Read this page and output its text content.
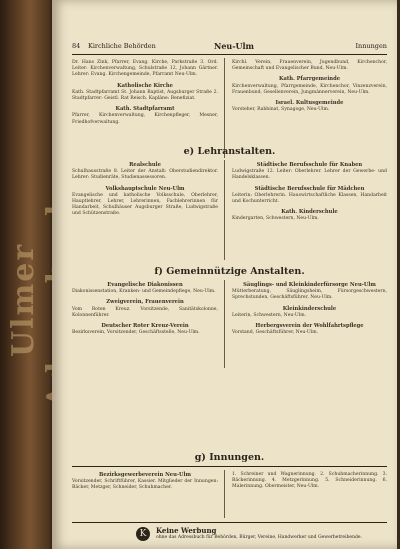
Ulmer
84 Kirchliche Behörden	Neu-Ulm	Innungen

Dr. Hans Zink, Pfarrer, Evang. Kirche, Parkstraße 3. Ord. Leiter: Kirchenverwaltung, Schulstraße 12, Johann Gärtner. Lehrer: Evang. Kirchengemeinde, Pfarramt Neu-Ulm.

Katholische Kirche

Kath. Stadtpfarramt St. Johann Baptist, Augsburger Straße 2. Stadtpfarrer: Geistl. Rat Reisch. Kapläne: Benefiziat.

Kath. Stadtpfarramt

Pfarrer, Kirchenverwaltung, Kirchenpfleger, Mesner, Friedhofverwaltung.

Kirchl. Verein, Frauenverein, Jugendbund, Kirchenchor, Gemeinschaft und Evangelischer Bund, Neu-Ulm.

Kath. Pfarrgemeinde

Kirchenverwaltung, Pfarrgemeinde, Kirchenchor, Vinzenzverein, Frauenbund, Gesellenverein, Jungmännerverein, Neu-Ulm.

Israel. Kultusgemeinde

Vorsteher, Rabbinat, Synagoge, Neu-Ulm.

e) Lehranstalten.
Realschule

Schulhausstraße 8. Leiter der Anstalt: Oberstudiendirektor. Lehrer: Studienräte, Studienassessoren.

Volkshauptschule Neu-Ulm

Evangelische und katholische Volksschule, Oberlehrer, Hauptlehrer, Lehrer, Lehrerinnen, Fachlehrerinnen für Handarbeit, Schulhäuser Augsburger Straße, Ludwigstraße und Schützenstraße.

Städtische Berufsschule für Knaben

Ludwigstraße 12. Leiter: Oberlehrer. Lehrer der Gewerbe- und Handelsklassen.

Städtische Berufsschule für Mädchen

Leiterin: Oberlehrerin. Hauswirtschaftliche Klassen, Handarbeit und Kochunterricht.

Kath. Kinderschule

Kindergarten, Schwestern, Neu-Ulm.

f) Gemeinnützige Anstalten.
Evangelische Diakonissen

Diakonissenstation, Kranken- und Gemeindepflege, Neu-Ulm.

Zweigverein, Frauenverein

Vom Roten Kreuz. Vorsitzende, Sanitätskolonne, Kolonnenführer.

Deutscher Roter Kreuz-Verein

Bezirksverein, Vorsitzender, Geschäftsstelle, Neu-Ulm.

Säuglings- und Kleinkinderfürsorge Neu-Ulm

Mütterberatung, Säuglingsheim, Fürsorgeschwestern, Sprechstunden, Geschäftsführer, Neu-Ulm.

Kleinkinderschule

Leiterin, Schwestern, Neu-Ulm.

Herbergsverein der Wohlfahrtspflege

Vorstand, Geschäftsführer, Neu-Ulm.

g) Innungen.
Bezirksgewerbeverein Neu-Ulm

Vorsitzender, Schriftführer, Kassier. Mitglieder der Innungen: Bäcker, Metzger, Schneider, Schuhmacher.

1. Schreiner und Wagnerinnung. 2. Schuhmacherinnung. 3. Bäckerinnung. 4. Metzgerinnung. 5. Schneiderinnung. 6. Malerinnung. Obermeister, Neu-Ulm.

K	Keine Werbung
ohne das Adressbuch für Behörden, Bürger, Vereine, Handwerker und Gewerbetreibende.
